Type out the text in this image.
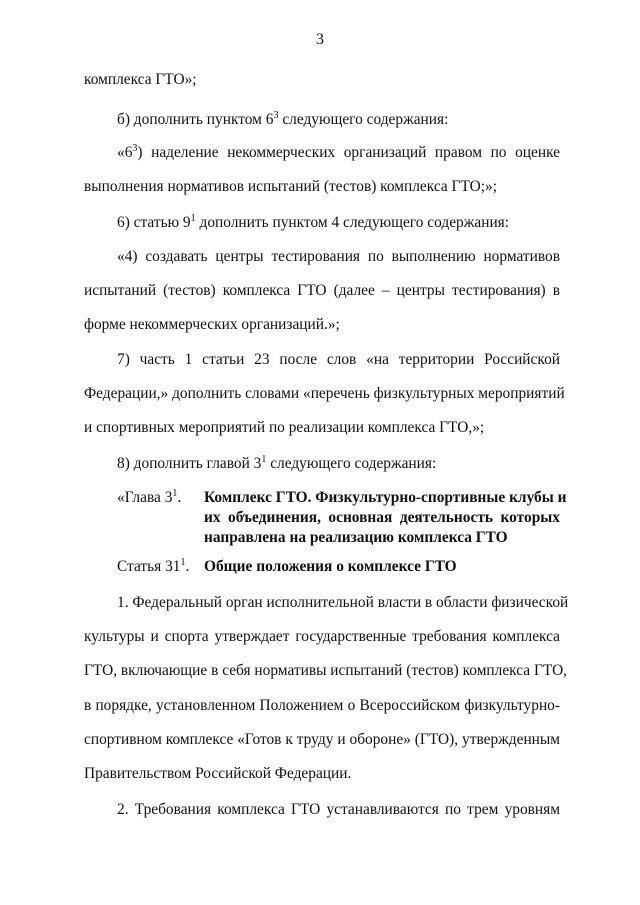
3
комплекса ГТО»;
б) дополнить пунктом $6^3$ следующего содержания:
«$6^3$) наделение некоммерческих организаций правом по оценке
выполнения нормативов испытаний (тестов) комплекса ГТО;»;
6) статью $9^1$ дополнить пунктом 4 следующего содержания:
«4) создавать центры тестирования по выполнению нормативов
испытаний (тестов) комплекса ГТО (далее – центры тестирования) в
форме некоммерческих организаций.»;
7) часть 1 статьи 23 после слов «на территории Российской
Федерации,» дополнить словами «перечень физкультурных мероприятий
и спортивных мероприятий по реализации комплекса ГТО,»;
8) дополнить главой $3^1$ следующего содержания:
«Глава $3^1$. Комплекс ГТО. Физкультурно-спортивные клубы и
их объединения, основная деятельность которых
направлена на реализацию комплекса ГТО
Статья $31^1$. Общие положения о комплексе ГТО
1. Федеральный орган исполнительной власти в области физической
культуры и спорта утверждает государственные требования комплекса
ГТО, включающие в себя нормативы испытаний (тестов) комплекса ГТО,
в порядке, установленном Положением о Всероссийском физкультурно-
спортивном комплексе «Готов к труду и обороне» (ГТО), утвержденным
Правительством Российской Федерации.
2. Требования комплекса ГТО устанавливаются по трем уровням
